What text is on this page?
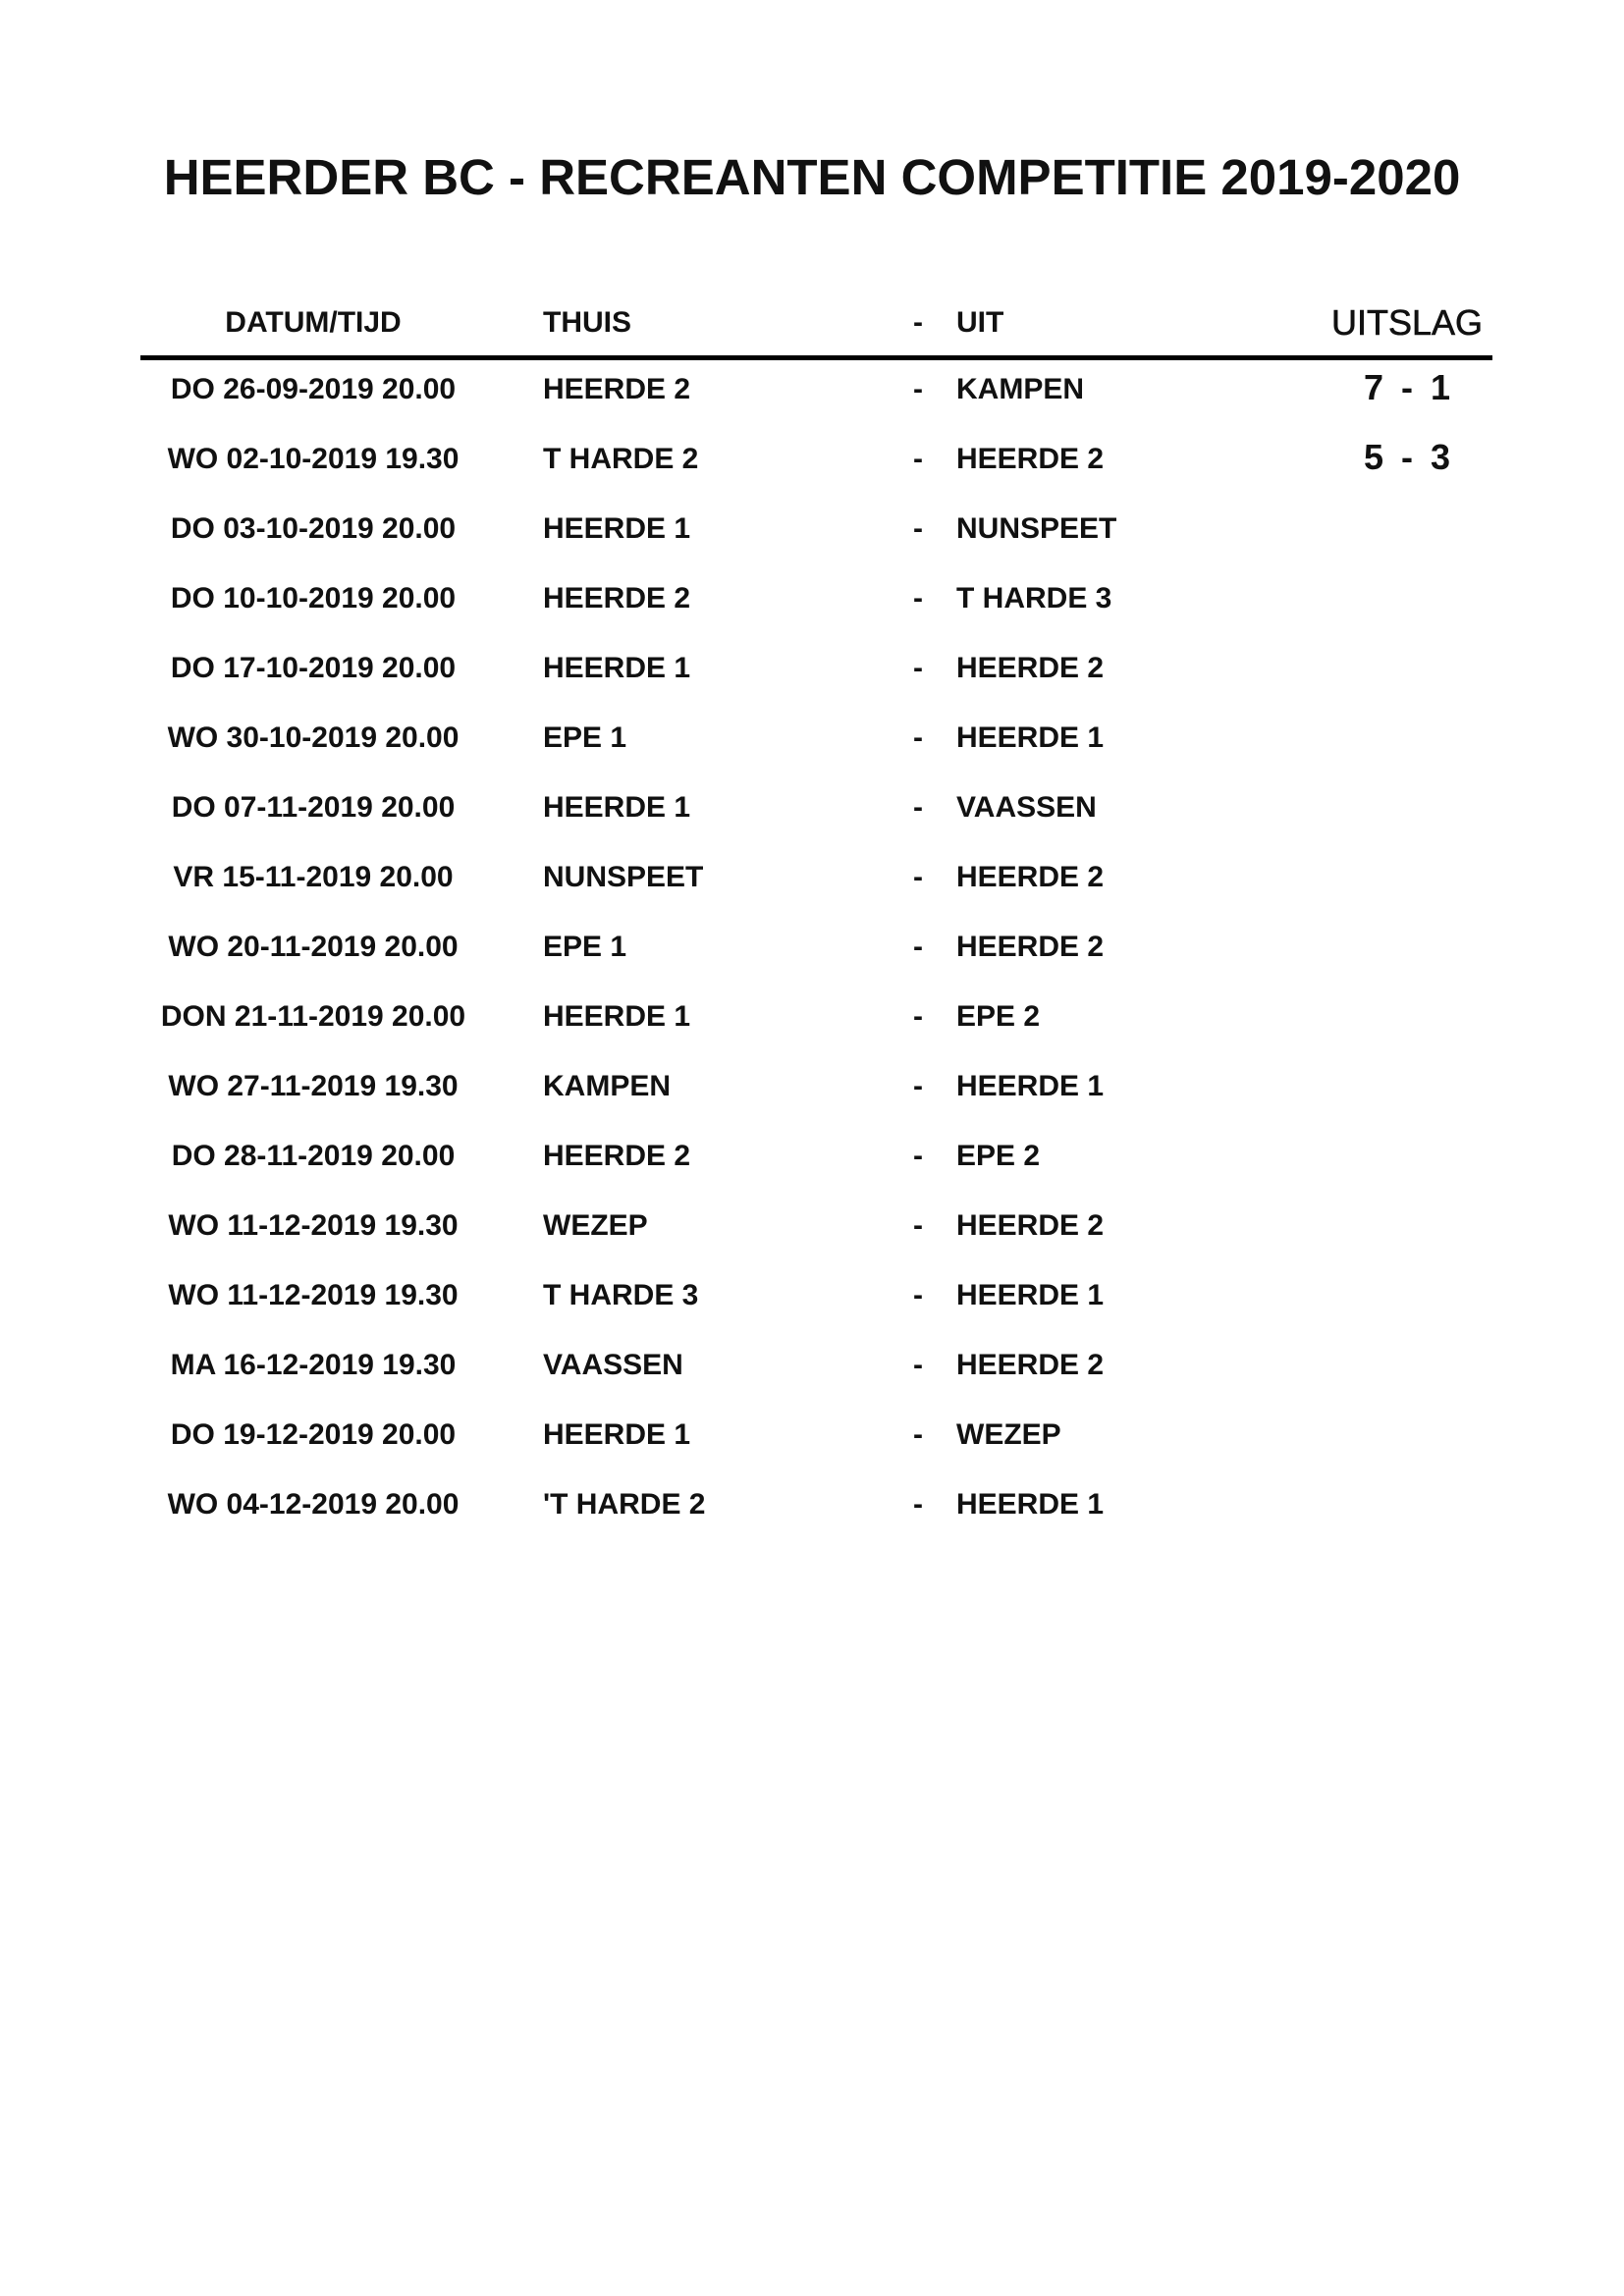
HEERDER BC - RECREANTEN COMPETITIE 2019-2020
DATUM/TIJD	THUIS	- UIT	UITSLAG
DO 26-09-2019 20.00	HEERDE 2	- KAMPEN	7 - 1
WO 02-10-2019 19.30	T HARDE 2	- HEERDE 2	5 - 3
DO 03-10-2019 20.00	HEERDE 1	- NUNSPEET
DO 10-10-2019 20.00	HEERDE 2	- T HARDE 3
DO 17-10-2019 20.00	HEERDE 1	- HEERDE 2
WO 30-10-2019 20.00	EPE 1	- HEERDE 1
DO 07-11-2019 20.00	HEERDE 1	- VAASSEN
VR 15-11-2019 20.00	NUNSPEET	- HEERDE 2
WO 20-11-2019 20.00	EPE 1	- HEERDE 2
DON 21-11-2019 20.00	HEERDE 1	- EPE 2
WO 27-11-2019 19.30	KAMPEN	- HEERDE 1
DO 28-11-2019 20.00	HEERDE 2	- EPE 2
WO 11-12-2019 19.30	WEZEP	- HEERDE 2
WO 11-12-2019 19.30	T HARDE 3	- HEERDE 1
MA 16-12-2019 19.30	VAASSEN	- HEERDE 2
DO 19-12-2019 20.00	HEERDE 1	- WEZEP
WO 04-12-2019 20.00	'T HARDE 2	- HEERDE 1
